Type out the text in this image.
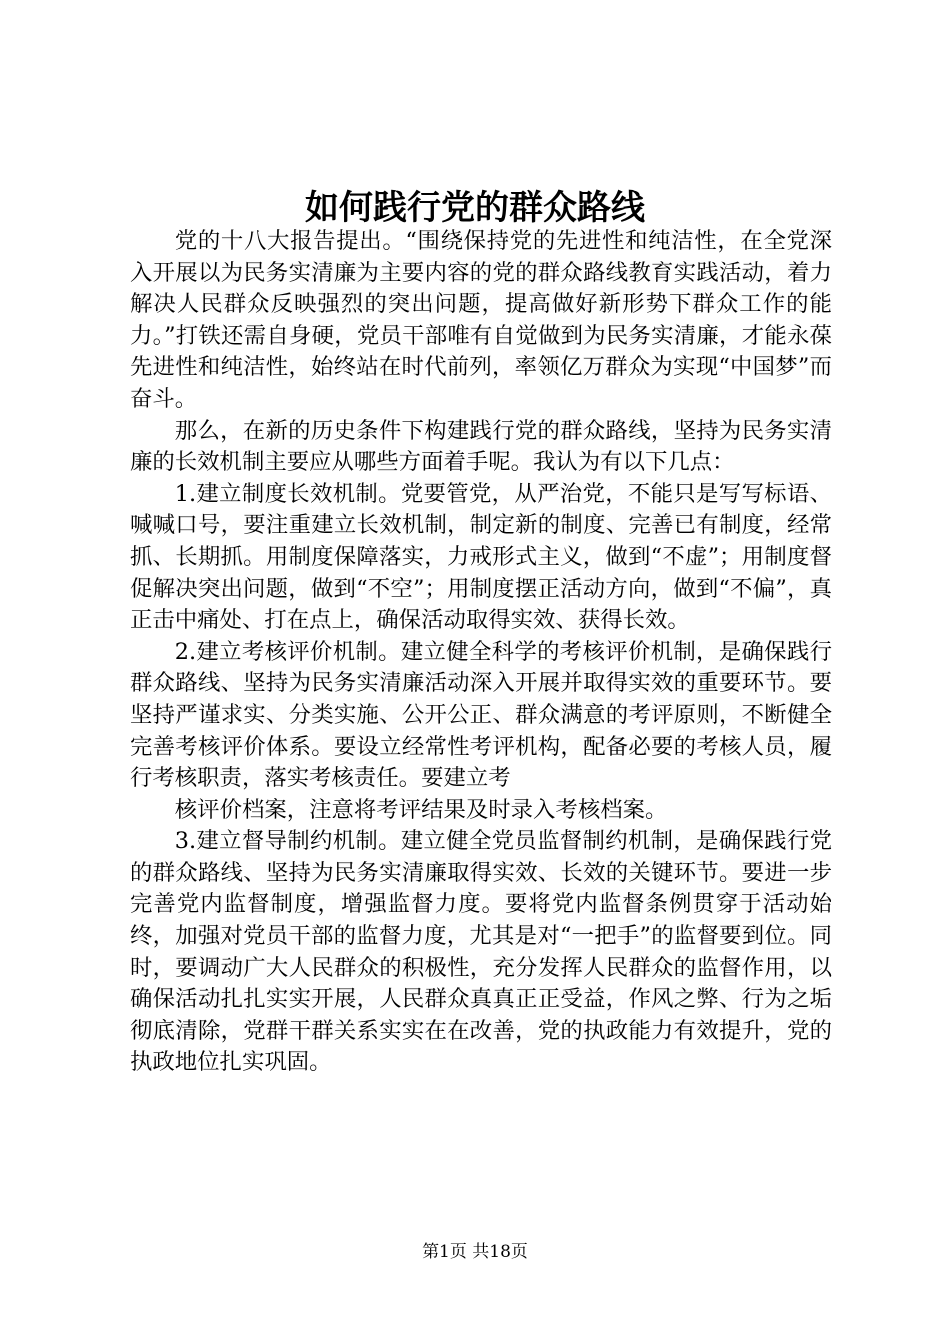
如何践行党的群众路线

党的十八大报告提出。“围绕保持党的先进性和纯洁性，在全党深入开展以为民务实清廉为主要内容的党的群众路线教育实践活动，着力解决人民群众反映强烈的突出问题，提高做好新形势下群众工作的能力。”打铁还需自身硬，党员干部唯有自觉做到为民务实清廉，才能永葆先进性和纯洁性，始终站在时代前列，率领亿万群众为实现“中国梦”而奋斗。

那么，在新的历史条件下构建践行党的群众路线，坚持为民务实清廉的长效机制主要应从哪些方面着手呢。我认为有以下几点：

1.建立制度长效机制。党要管党，从严治党，不能只是写写标语、喊喊口号，要注重建立长效机制，制定新的制度、完善已有制度，经常抓、长期抓。用制度保障落实，力戒形式主义，做到“不虚”；用制度督促解决突出问题，做到“不空”；用制度摆正活动方向，做到“不偏”，真正击中痛处、打在点上，确保活动取得实效、获得长效。

2.建立考核评价机制。建立健全科学的考核评价机制，是确保践行群众路线、坚持为民务实清廉活动深入开展并取得实效的重要环节。要坚持严谨求实、分类实施、公开公正、群众满意的考评原则，不断健全完善考核评价体系。要设立经常性考评机构，配备必要的考核人员，履行考核职责，落实考核责任。要建立考

核评价档案，注意将考评结果及时录入考核档案。

3.建立督导制约机制。建立健全党员监督制约机制，是确保践行党的群众路线、坚持为民务实清廉取得实效、长效的关键环节。要进一步完善党内监督制度，增强监督力度。要将党内监督条例贯穿于活动始终，加强对党员干部的监督力度，尤其是对“一把手”的监督要到位。同时，要调动广大人民群众的积极性，充分发挥人民群众的监督作用，以确保活动扎扎实实开展，人民群众真真正正受益，作风之弊、行为之垢彻底清除，党群干群关系实实在在改善，党的执政能力有效提升，党的执政地位扎实巩固。

第1页 共18页
